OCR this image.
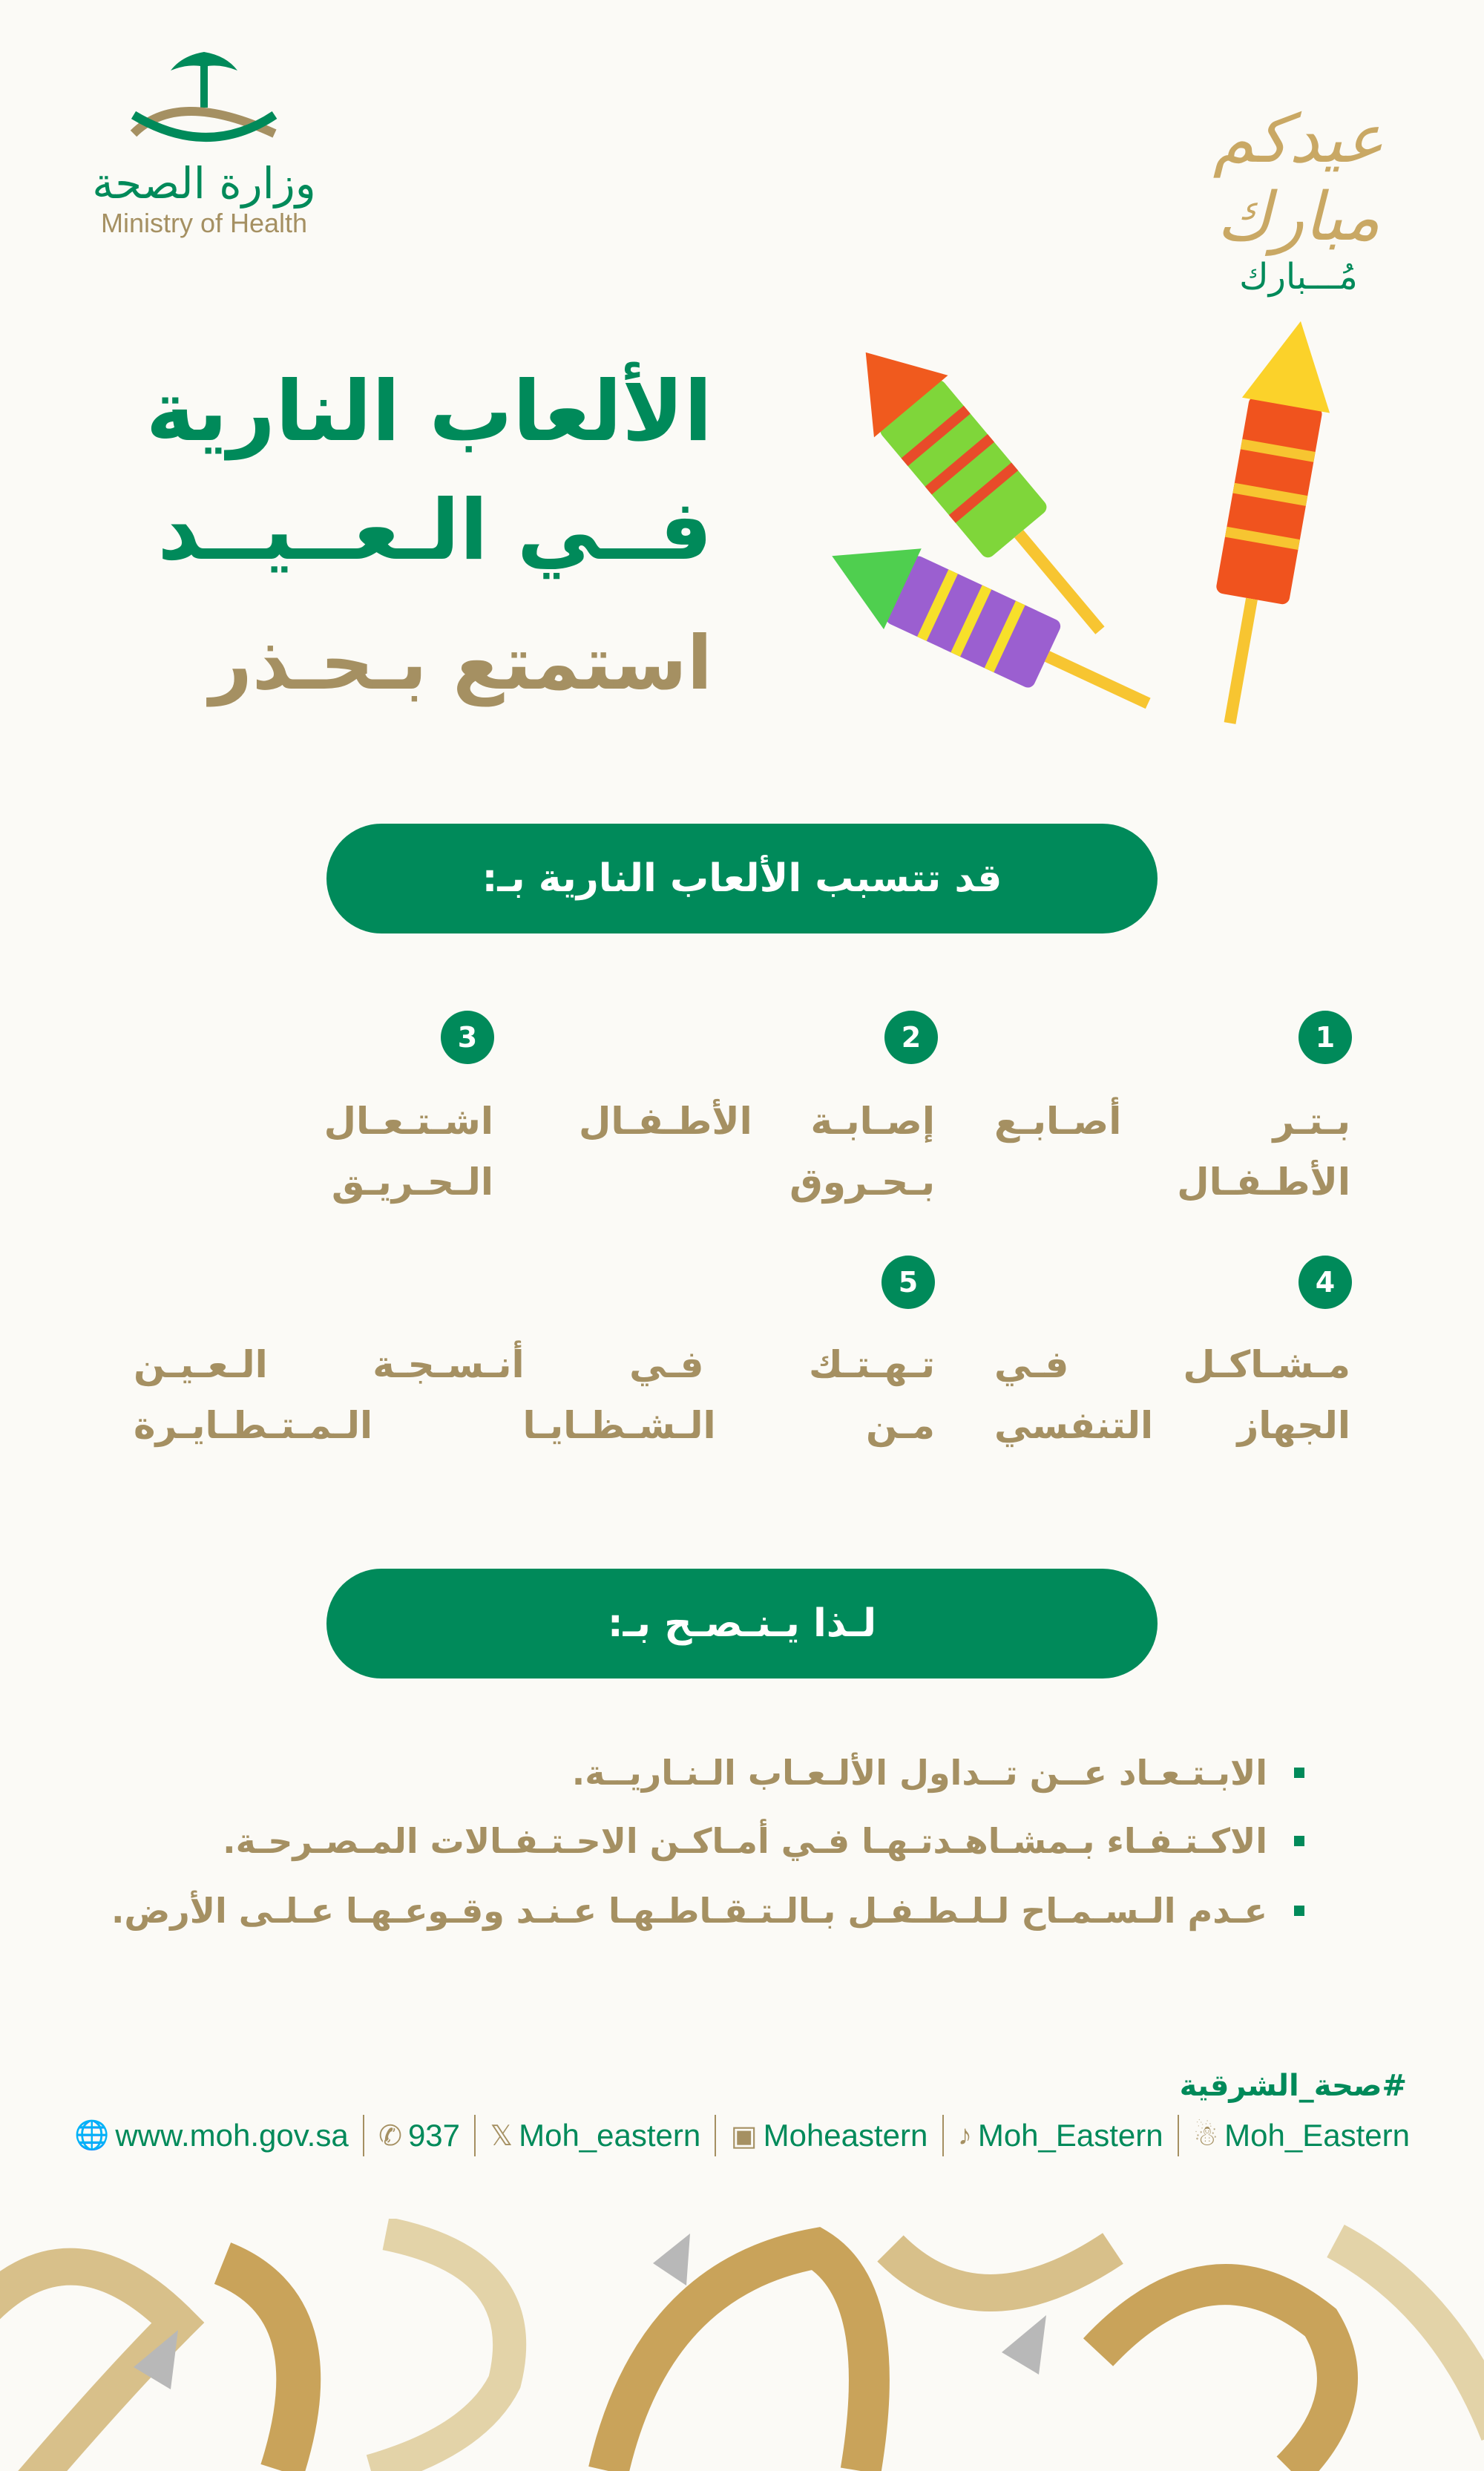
وزارة الصحة
Ministry of Health
عيدكم مبارك
مُـــبارك
الألعاب النارية
فــي الـعــيــد
استمتع بـحـذر
قد تتسبب الألعاب النارية بـ:
1
بـتـر أصـابـع
الأطـفـال
2
إصـابـة الأطـفـال
بـحـروق
3
اشـتـعـال
الـحـريـق
4
مـشـاكـل فـي
الجهاز التنفسي
5
تـهـتـك فـي أنـسـجـة الـعـيـن
مـن الـشـظـايـا الـمـتـطـايـرة
لـذا يـنـصـح بـ:
الابـتـعـاد عــن تــداول الألـعـاب الـنـاريــة.
الاكـتـفـاء بـمشـاهـدتـهـا فـي أمـاكـن الاحـتـفـالات المـصـرحـة.
عـدم الـسـمـاح لـلـطـفـل بـالـتـقـاطـهـا عـنـد وقـوعـهـا عـلـى الأرض.
#صحة_الشرقية
🌐 www.moh.gov.sa ✆ 937 𝕏 Moh_eastern ▣ Moheastern ♪ Moh_Eastern ☃ Moh_Eastern
